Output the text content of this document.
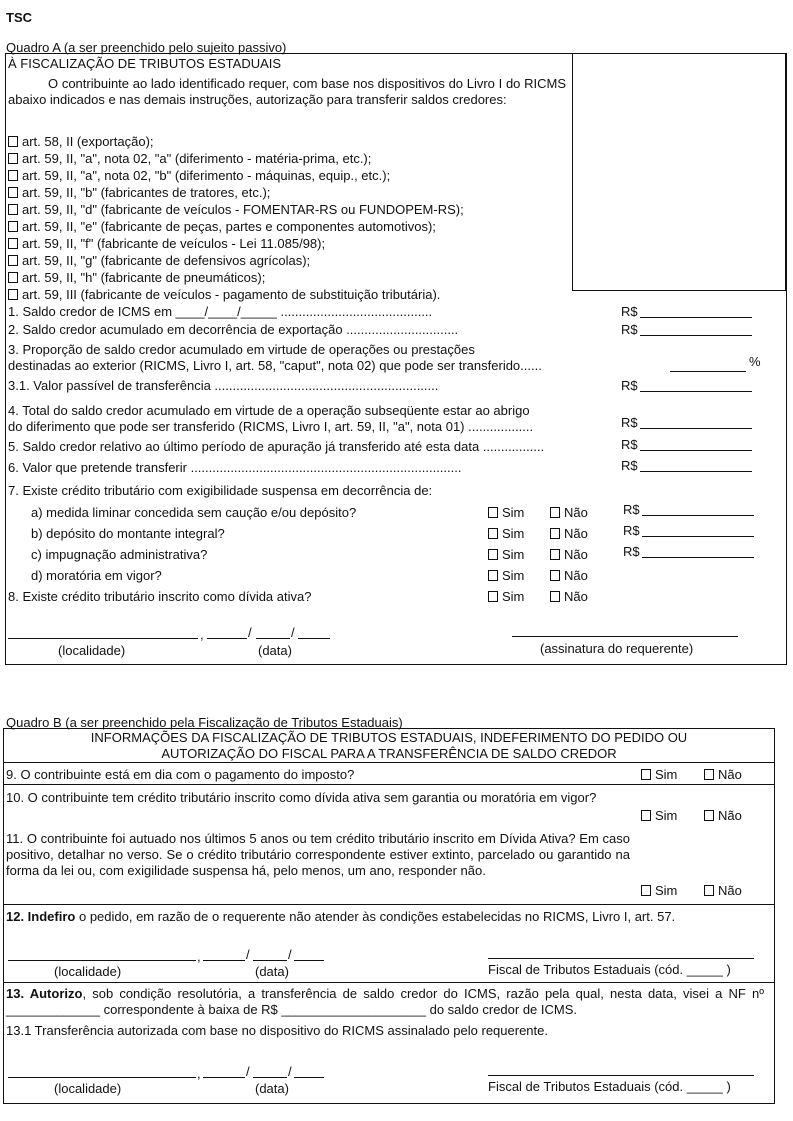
TSC
Quadro A (a ser preenchido pelo sujeito passivo)
À FISCALIZAÇÃO DE TRIBUTOS ESTADUAIS
O contribuinte ao lado identificado requer, com base nos dispositivos do Livro I do RICMS abaixo indicados e nas demais instruções, autorização para transferir saldos credores:
art. 58, II (exportação);
art. 59, II, "a", nota 02, "a" (diferimento - matéria-prima, etc.);
art. 59, II, "a", nota 02, "b" (diferimento - máquinas, equip., etc.);
art. 59, II, "b" (fabricantes de tratores, etc.);
art. 59, II, "d" (fabricante de veículos - FOMENTAR-RS ou FUNDOPEM-RS);
art. 59, II, "e" (fabricante de peças, partes e componentes automotivos);
art. 59, II, "f" (fabricante de veículos - Lei 11.085/98);
art. 59, II, "g" (fabricante de defensivos agrícolas);
art. 59, II, "h" (fabricante de pneumáticos);
art. 59, III (fabricante de veículos - pagamento de substituição tributária).
1. Saldo credor de ICMS em ____/____/_____ ..........................................	R$
2. Saldo credor acumulado em decorrência de exportação ...............................	R$
3. Proporção de saldo credor acumulado em virtude de operações ou prestações
destinadas ao exterior (RICMS, Livro I, art. 58, "caput", nota 02) que pode ser transferido......	%
3.1. Valor passível de transferência ..............................................................	R$
4. Total do saldo credor acumulado em virtude de a operação subseqüente estar ao abrigo
do diferimento que pode ser transferido (RICMS, Livro I, art. 59, II, "a", nota 01) ..................	R$
5. Saldo credor relativo ao último período de apuração já transferido até esta data .................	R$
6. Valor que pretende transferir ...........................................................................	R$
7. Existe crédito tributário com exigibilidade suspensa em decorrência de:
a) medida liminar concedida sem caução e/ou depósito?	Sim	Não	R$
b) depósito do montante integral?	Sim	Não	R$
c) impugnação administrativa?	Sim	Não	R$
d) moratória em vigor?	Sim	Não
8. Existe crédito tributário inscrito como dívida ativa?	Sim	Não
,	/	/
(localidade)	(data)	(assinatura do requerente)
Quadro B (a ser preenchido pela Fiscalização de Tributos Estaduais)
INFORMAÇÕES DA FISCALIZAÇÃO DE TRIBUTOS ESTADUAIS, INDEFERIMENTO DO PEDIDO OU
AUTORIZAÇÃO DO FISCAL PARA A TRANSFERÊNCIA DE SALDO CREDOR
9. O contribuinte está em dia com o pagamento do imposto?	Sim	Não
10. O contribuinte tem crédito tributário inscrito como dívida ativa sem garantia ou moratória em vigor?
Sim	Não
11. O contribuinte foi autuado nos últimos 5 anos ou tem crédito tributário inscrito em Dívida Ativa? Em caso positivo, detalhar no verso. Se o crédito tributário correspondente estiver extinto, parcelado ou garantido na forma da lei ou, com exigilidade suspensa há, pelo menos, um ano, responder não.
Sim	Não
12. Indefiro o pedido, em razão de o requerente não atender às condições estabelecidas no RICMS, Livro I, art. 57.
,	/	/
(localidade)	(data)	Fiscal de Tributos Estaduais (cód. _____ )
13. Autorizo, sob condição resolutória, a transferência de saldo credor do ICMS, razão pela qual, nesta data, visei a NF nº _____________ correspondente à baixa de R$ ____________________ do saldo credor de ICMS.
13.1 Transferência autorizada com base no dispositivo do RICMS assinalado pelo requerente.
,	/	/
(localidade)	(data)	Fiscal de Tributos Estaduais (cód. _____ )
